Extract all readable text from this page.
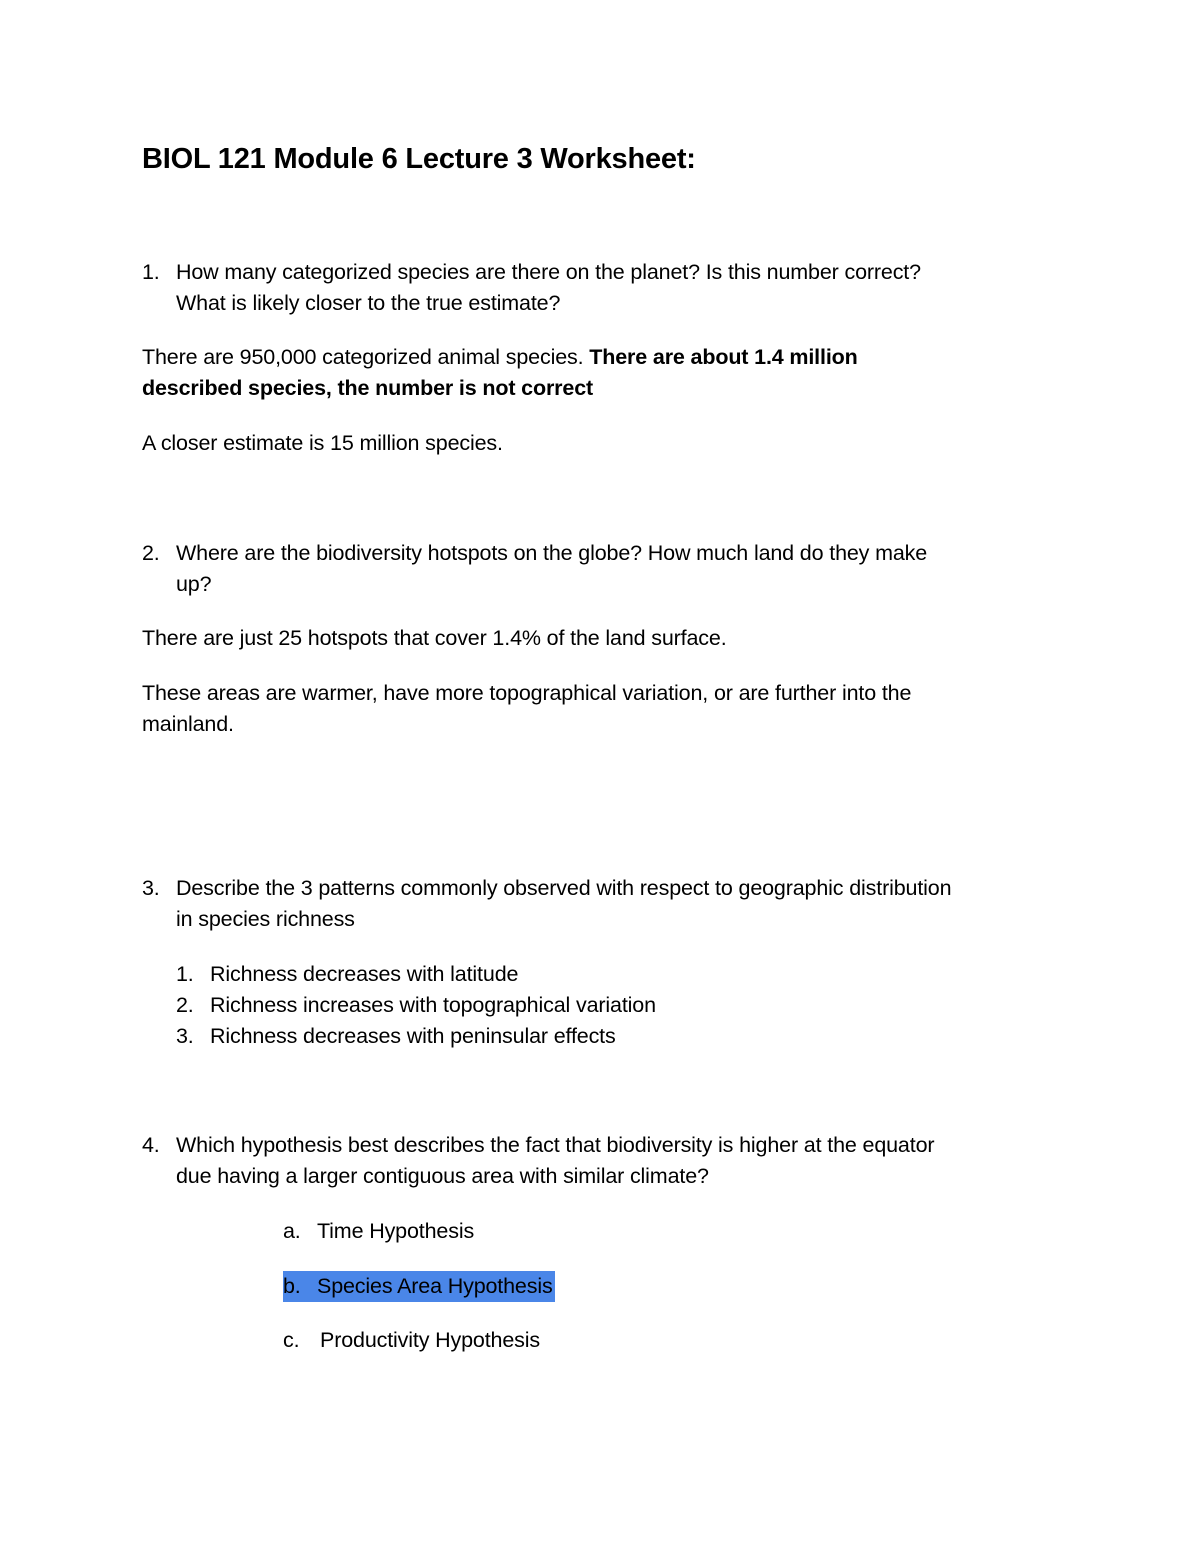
BIOL 121 Module 6 Lecture 3 Worksheet:
1. How many categorized species are there on the planet? Is this number correct?
What is likely closer to the true estimate?
There are 950,000 categorized animal species. There are about 1.4 million
described species, the number is not correct
A closer estimate is 15 million species.
2. Where are the biodiversity hotspots on the globe? How much land do they make
up?
There are just 25 hotspots that cover 1.4% of the land surface.
These areas are warmer, have more topographical variation, or are further into the
mainland.
3. Describe the 3 patterns commonly observed with respect to geographic distribution
in species richness
1. Richness decreases with latitude
2. Richness increases with topographical variation
3. Richness decreases with peninsular effects
4. Which hypothesis best describes the fact that biodiversity is higher at the equator
due having a larger contiguous area with similar climate?
a. Time Hypothesis
b. Species Area Hypothesis
c. Productivity Hypothesis
